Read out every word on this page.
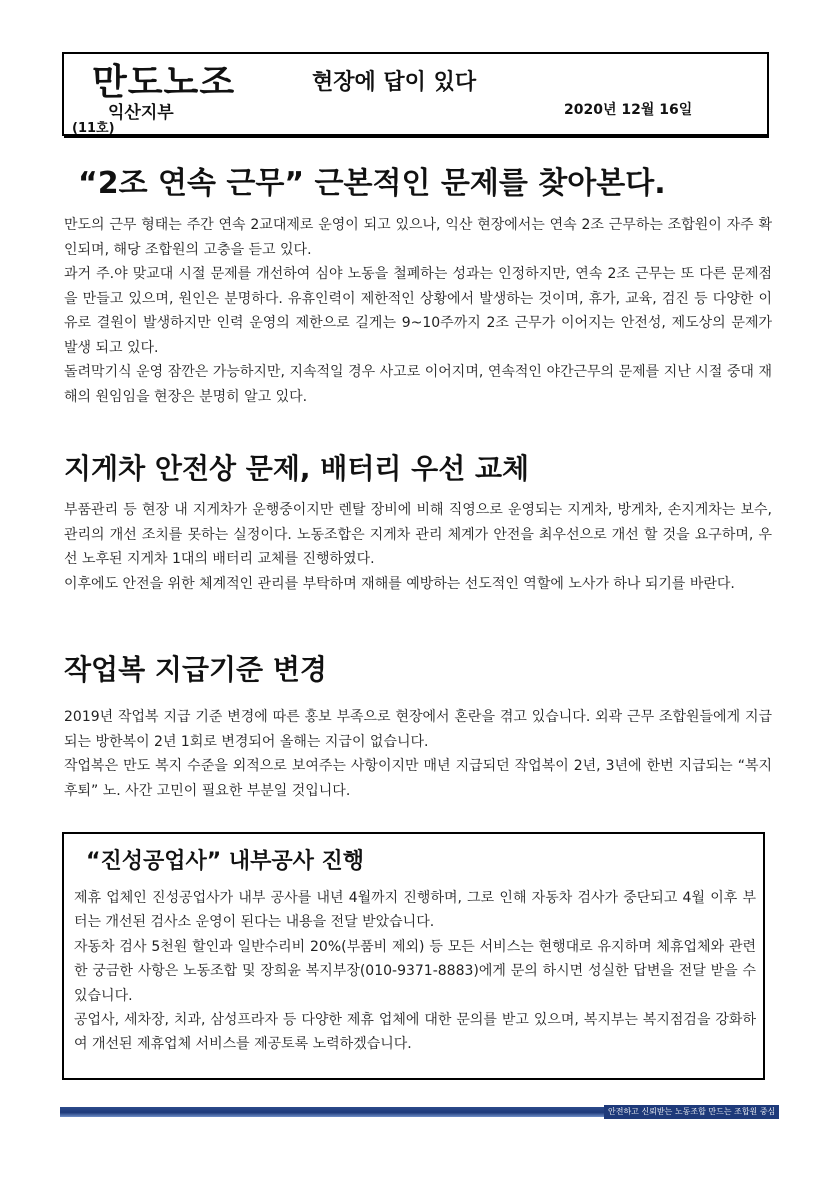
만도노조
익산지부
(11호)
현장에 답이 있다
2020년 12월 16일
“2조 연속 근무” 근본적인 문제를 찾아본다.

만도의 근무 형태는 주간 연속 2교대제로 운영이 되고 있으나, 익산 현장에서는 연속 2조 근무하는 조합원이 자주 확인되며, 해당 조합원의 고충을 듣고 있다.

과거 주.야 맞교대 시절 문제를 개선하여 심야 노동을 철폐하는 성과는 인정하지만, 연속 2조 근무는 또 다른 문제점을 만들고 있으며, 원인은 분명하다. 유휴인력이 제한적인 상황에서 발생하는 것이며, 휴가, 교육, 검진 등 다양한 이유로 결원이 발생하지만 인력 운영의 제한으로 길게는 9~10주까지 2조 근무가 이어지는 안전성, 제도상의 문제가 발생 되고 있다.

돌려막기식 운영 잠깐은 가능하지만, 지속적일 경우 사고로 이어지며, 연속적인 야간근무의 문제를 지난 시절 중대 재해의 원임임을 현장은 분명히 알고 있다.

지게차 안전상 문제, 배터리 우선 교체

부품관리 등 현장 내 지게차가 운행중이지만 렌탈 장비에 비해 직영으로 운영되는 지게차, 방게차, 손지게차는 보수, 관리의 개선 조치를 못하는 실정이다. 노동조합은 지게차 관리 체계가 안전을 최우선으로 개선 할 것을 요구하며, 우선 노후된 지게차 1대의 배터리 교체를 진행하였다.

이후에도 안전을 위한 체계적인 관리를 부탁하며 재해를 예방하는 선도적인 역할에 노사가 하나 되기를 바란다.

작업복 지급기준 변경

2019년 작업복 지급 기준 변경에 따른 홍보 부족으로 현장에서 혼란을 겪고 있습니다. 외곽 근무 조합원들에게 지급되는 방한복이 2년 1회로 변경되어 올해는 지급이 없습니다.

작업복은 만도 복지 수준을 외적으로 보여주는 사항이지만 매년 지급되던 작업복이 2년, 3년에 한번 지급되는 “복지 후퇴” 노. 사간 고민이 필요한 부분일 것입니다.

“진성공업사” 내부공사 진행

제휴 업체인 진성공업사가 내부 공사를 내년 4월까지 진행하며, 그로 인해 자동차 검사가 중단되고 4월 이후 부터는 개선된 검사소 운영이 된다는 내용을 전달 받았습니다.

자동차 검사 5천원 할인과 일반수리비 20%(부품비 제외) 등 모든 서비스는 현행대로 유지하며 체휴업체와 관련한 궁금한 사항은 노동조합 및 장희윤 복지부장(010-9371-8883)에게 문의 하시면 성실한 답변을 전달 받을 수 있습니다.

공업사, 세차장, 치과, 삼성프라자 등 다양한 제휴 업체에 대한 문의를 받고 있으며, 복지부는 복지점검을 강화하여 개선된 제휴업체 서비스를 제공토록 노력하겠습니다.

안전하고 신뢰받는 노동조합 만드는 조합원 중심
